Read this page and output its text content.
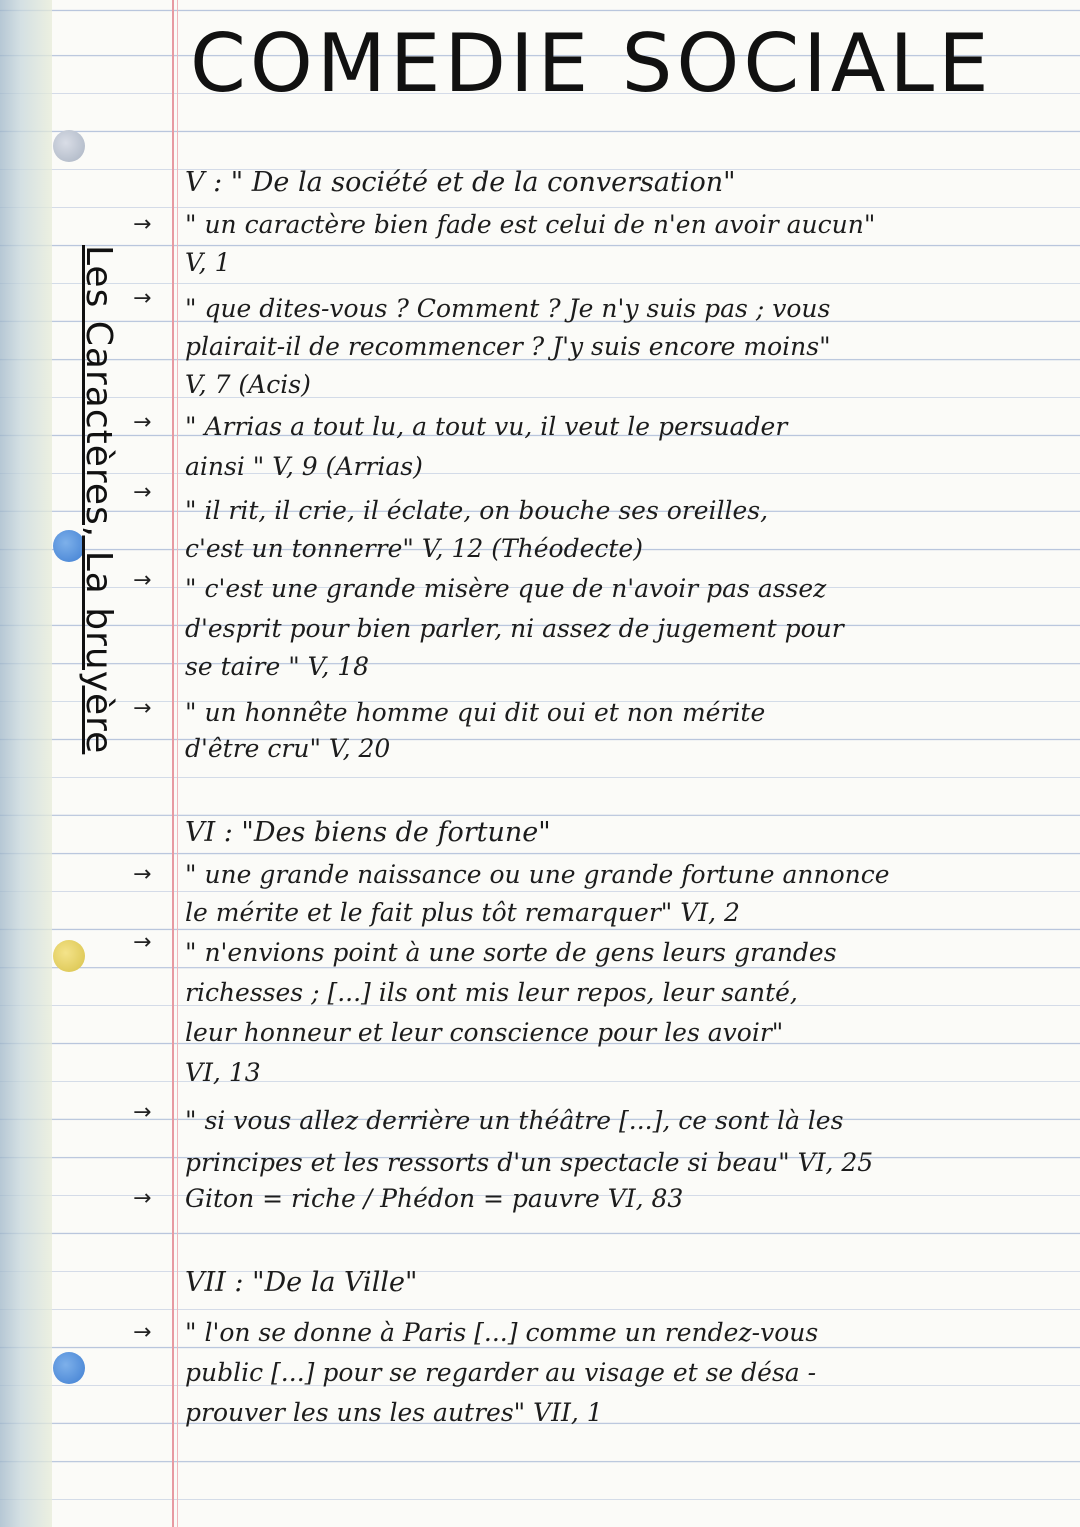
COMEDIE SOCIALE
Les Caractères, La bruyère
→
→
→
→
→
→
→
→
→
→
→

V : " De la société et de la conversation"

" un caractère bien fade est celui de n'en avoir aucun"

V, 1

" que dites-vous ? Comment ? Je n'y suis pas ; vous

plairait-il de recommencer ? J'y suis encore moins"

V, 7 (Acis)

" Arrias a tout lu, a tout vu, il veut le persuader

ainsi " V, 9 (Arrias)

" il rit, il crie, il éclate, on bouche ses oreilles,

c'est un tonnerre" V, 12 (Théodecte)

" c'est une grande misère que de n'avoir pas assez

d'esprit pour bien parler, ni assez de jugement pour

se taire " V, 18

" un honnête homme qui dit oui et non mérite

d'être cru" V, 20

VI : "Des biens de fortune"

" une grande naissance ou une grande fortune annonce

le mérite et le fait plus tôt remarquer" VI, 2

" n'envions point à une sorte de gens leurs grandes

richesses ; [...] ils ont mis leur repos, leur santé,

leur honneur et leur conscience pour les avoir"

VI, 13

" si vous allez derrière un théâtre [...], ce sont là les

principes et les ressorts d'un spectacle si beau" VI, 25

Giton = riche / Phédon = pauvre VI, 83

VII : "De la Ville"

" l'on se donne à Paris [...] comme un rendez-vous

public [...] pour se regarder au visage et se désa -

prouver les uns les autres" VII, 1
